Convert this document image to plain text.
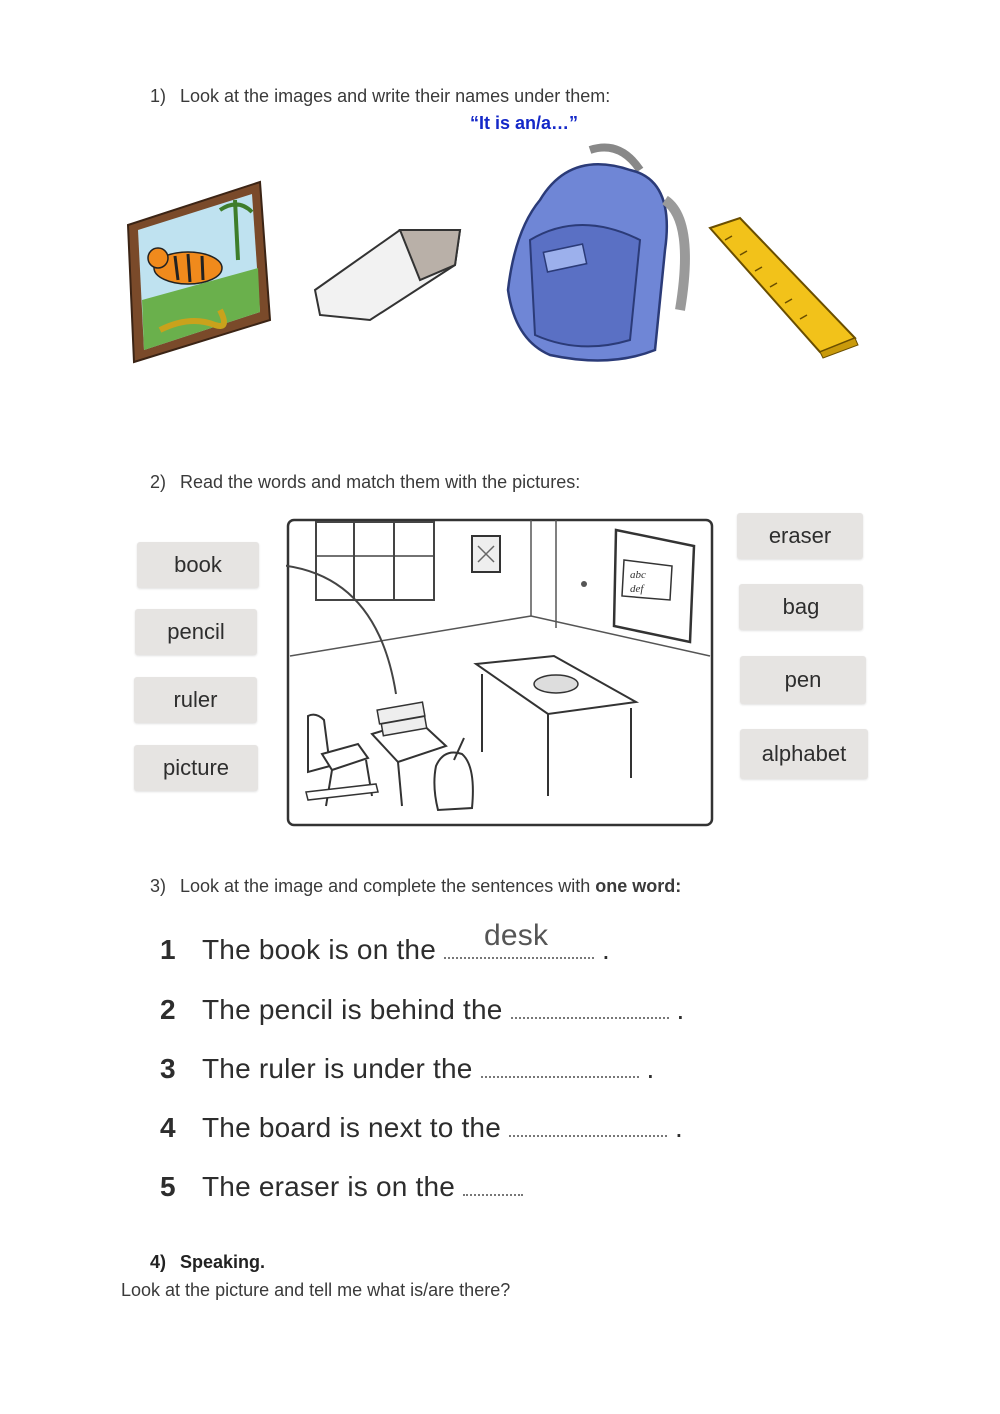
1) Look at the images and write their names under them:
“It is an/a…”
2) Read the words and match them with the pictures:
book
pencil
ruler
picture
eraser
bag
pen
alphabet
abc
def
3) Look at the image and complete the sentences with one word:
1 The book is on the desk .
2 The pencil is behind the	.
3 The ruler is under the	.
4 The board is next to the	.
5 The eraser is on the
4) Speaking.
Look at the picture and tell me what is/are there?
